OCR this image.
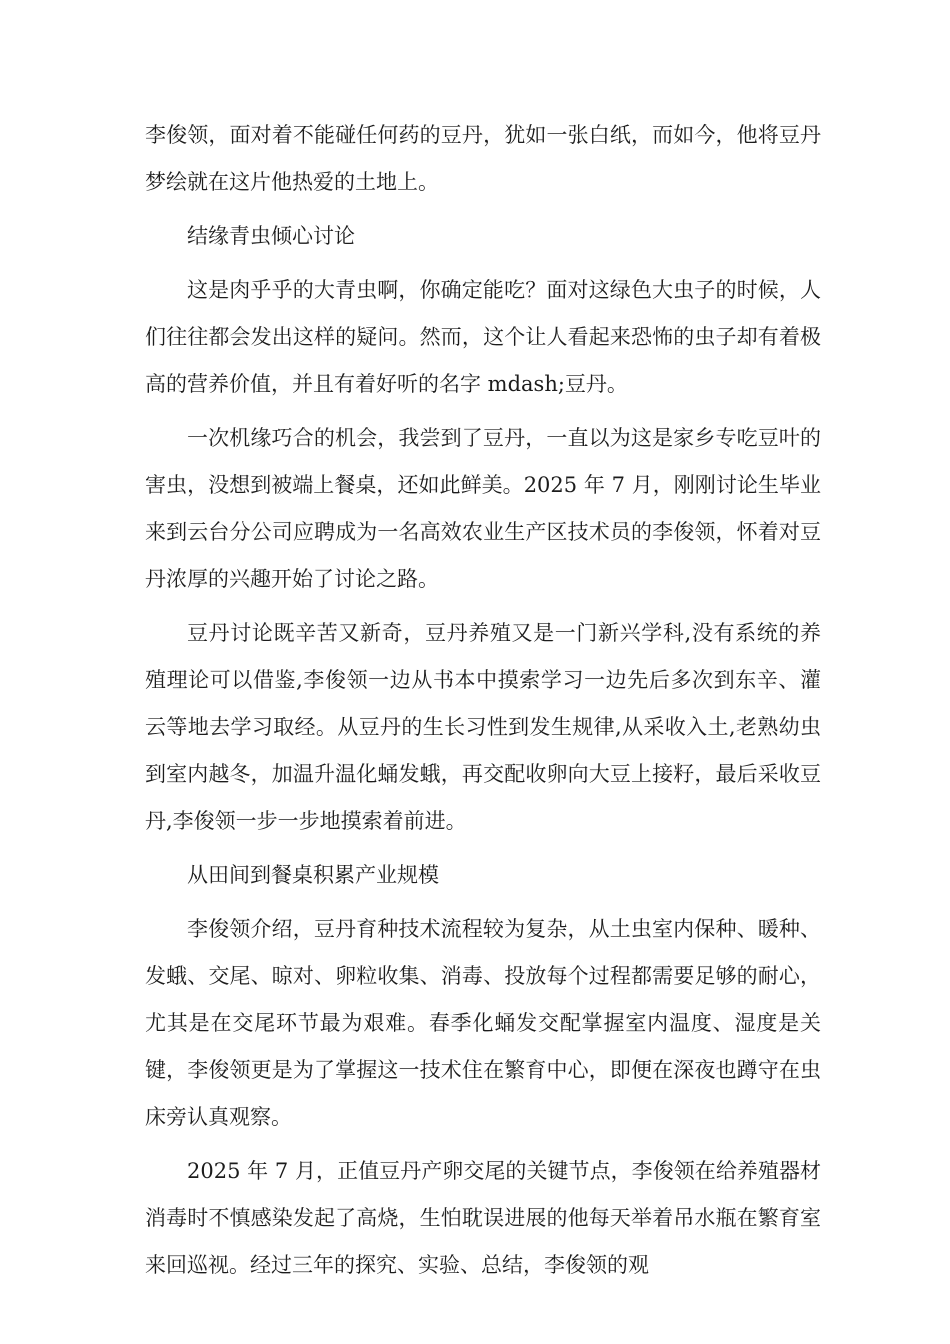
李俊领，面对着不能碰任何药的豆丹，犹如一张白纸，而如今，他将豆丹梦绘就在这片他热爱的土地上。

结缘青虫倾心讨论

这是肉乎乎的大青虫啊，你确定能吃？面对这绿色大虫子的时候，人们往往都会发出这样的疑问。然而，这个让人看起来恐怖的虫子却有着极高的营养价值，并且有着好听的名字 mdash;豆丹。

一次机缘巧合的机会，我尝到了豆丹，一直以为这是家乡专吃豆叶的害虫，没想到被端上餐桌，还如此鲜美。2025 年 7 月，刚刚讨论生毕业来到云台分公司应聘成为一名高效农业生产区技术员的李俊领，怀着对豆丹浓厚的兴趣开始了讨论之路。

豆丹讨论既辛苦又新奇，豆丹养殖又是一门新兴学科,没有系统的养殖理论可以借鉴,李俊领一边从书本中摸索学习一边先后多次到东辛、灌云等地去学习取经。从豆丹的生长习性到发生规律,从采收入土,老熟幼虫到室内越冬，加温升温化蛹发蛾，再交配收卵向大豆上接籽，最后采收豆丹,李俊领一步一步地摸索着前进。

从田间到餐桌积累产业规模

李俊领介绍，豆丹育种技术流程较为复杂，从土虫室内保种、暖种、发蛾、交尾、晾对、卵粒收集、消毒、投放每个过程都需要足够的耐心，尤其是在交尾环节最为艰难。春季化蛹发交配掌握室内温度、湿度是关键，李俊领更是为了掌握这一技术住在繁育中心，即便在深夜也蹲守在虫床旁认真观察。

2025 年 7 月，正值豆丹产卵交尾的关键节点，李俊领在给养殖器材消毒时不慎感染发起了高烧，生怕耽误进展的他每天举着吊水瓶在繁育室来回巡视。经过三年的探究、实验、总结，李俊领的观
